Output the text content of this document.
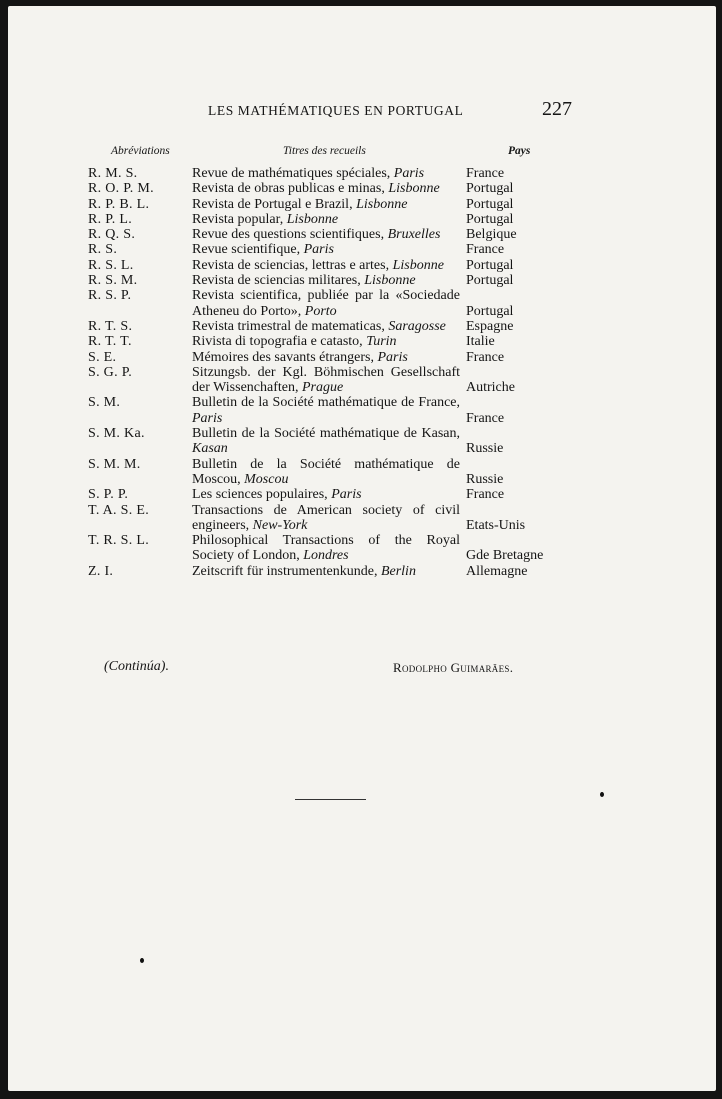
LES MATHÉMATIQUES EN PORTUGAL	227
Abréviations	Titres des recueils	Pays
R. M. S.	Revue de mathématiques spéciales, Paris	France
R. O. P. M.	Revista de obras publicas e minas, Lisbonne	Portugal
R. P. B. L.	Revista de Portugal e Brazil, Lisbonne	Portugal
R. P. L.	Revista popular, Lisbonne	Portugal
R. Q. S.	Revue des questions scientifiques, Bruxelles	Belgique
R. S.	Revue scientifique, Paris	France
R. S. L.	Revista de sciencias, lettras e artes, Lisbonne	Portugal
R. S. M.	Revista de sciencias militares, Lisbonne	Portugal
R. S. P.	Revista scientifica, publiée par la «Sociedade Atheneu do Porto», Porto	Portugal
R. T. S.	Revista trimestral de matematicas, Saragosse	Espagne
R. T. T.	Rivista di topografia e catasto, Turin	Italie
S. E.	Mémoires des savants étrangers, Paris	France
S. G. P.	Sitzungsb. der Kgl. Böhmischen Gesellschaft der Wissenchaften, Prague	Autriche
S. M.	Bulletin de la Société mathématique de France, Paris	France
S. M. Ka.	Bulletin de la Société mathématique de Kasan, Kasan	Russie
S. M. M.	Bulletin de la Société mathématique de Moscou, Moscou	Russie
S. P. P.	Les sciences populaires, Paris	France
T. A. S. E.	Transactions de American society of civil engineers, New-York	Etats-Unis
T. R. S. L.	Philosophical Transactions of the Royal Society of London, Londres	Gde Bretagne
Z. I.	Zeitscrift für instrumentenkunde, Berlin	Allemagne
(Continúa).	Rodolpho Guimarães.
